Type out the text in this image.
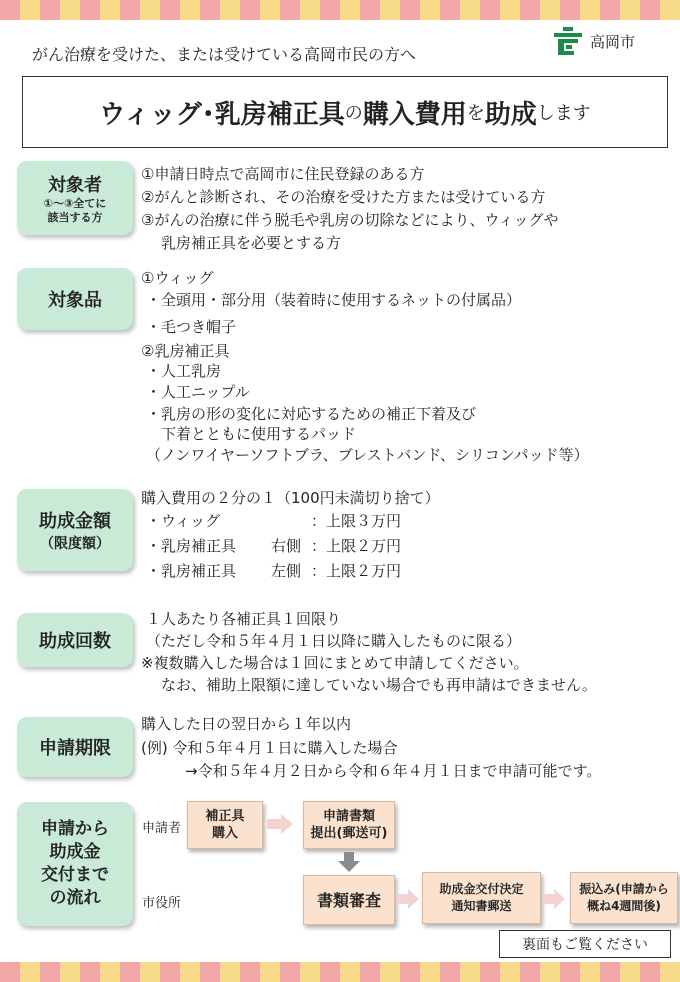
がん治療を受けた、または受けている高岡市民の方へ
高岡市
ウィッグ･乳房補正具 の 購入費用 を 助成 します
対象者
①～③全てに
該当する方
①申請日時点で高岡市に住民登録のある方
②がんと診断され、その治療を受けた方または受けている方
③がんの治療に伴う脱毛や乳房の切除などにより、ウィッグや
乳房補正具を必要とする方
対象品
①ウィッグ
・全頭用・部分用（装着時に使用するネットの付属品）
・毛つき帽子
②乳房補正具
・人工乳房
・人工ニップル
・乳房の形の変化に対応するための補正下着及び
下着とともに使用するパッド
（ノンワイヤーソフトブラ、ブレストバンド、シリコンパッド等）
助成金額
（限度額）
購入費用の２分の１（100円未満切り捨て）
・ウィッグ	：上限３万円
・乳房補正具 右側 ：上限２万円
・乳房補正具 左側 ：上限２万円
助成回数
１人あたり各補正具１回限り
（ただし令和５年４月１日以降に購入したものに限る）
※複数購入した場合は１回にまとめて申請してください。
なお、補助上限額に達していない場合でも再申請はできません。
申請期限
購入した日の翌日から１年以内
(例) 令和５年４月１日に購入した場合
→令和５年４月２日から令和６年４月１日まで申請可能です。
申請から
助成金
交付まで
の流れ
申請者
市役所
補正具
購入
申請書類
提出(郵送可)
書類審査
助成金交付決定
通知書郵送
振込み(申請から
概ね4週間後)
裏面もご覧ください
